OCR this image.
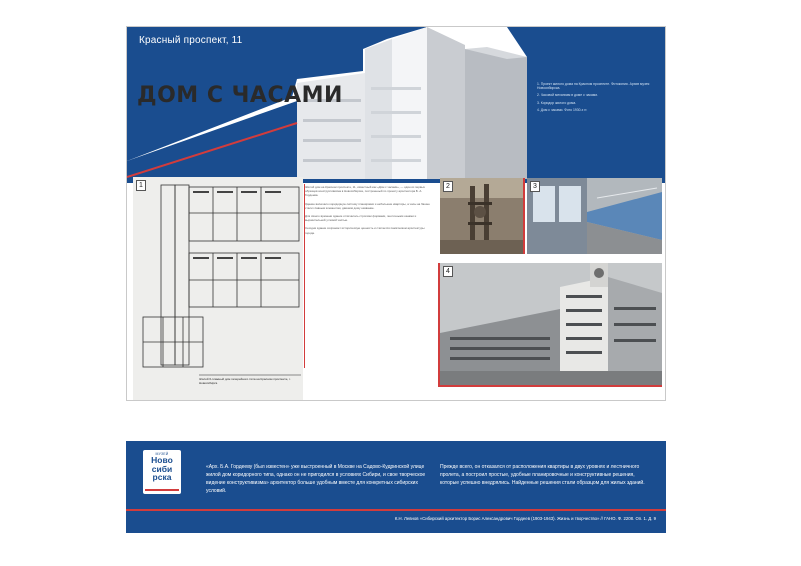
Красный проспект, 11
ДОМ С ЧАСАМИ	1. Проект жилого дома на Красном проспекте. Фотокопия. Архив музея Новосибирска.

2. Часовой механизм в доме с часами.

3. Коридор жилого дома.

4. Дом с часами. Фото 1930-х гг.

1
Жилой 6-этажный дом галерейного типа на Красном проспекте, г. Новосибирск.

Жилой дом на Красном проспекте, 11, известный как «Дом с часами», — один из первых образцов конструктивизма в Новосибирске, построенный по проекту архитектора Б. А. Гордеева.

Здание включало коридорную систему планировки и небольшие квартиры, а часы на башне стали главным элементом, давшим дому название.

Для своего времени здание отличалось строгими формами, ленточными окнами и выразительной угловой частью.

Сегодня здание сохраняет историческую ценность и считается памятником архитектуры города.

2	3
4
МУЗЕЙ
Ново
сиби
рска
«Арх. Б.А. Гордееву (был известен» уже выстроенный в Москве на Садово-Кудринской улице жилой дом коридорного типа, однако он не пригодился в условиях Сибири, и свое творческое видение конструктивизма» архитектор больше удобным вместе для конкретных сибирских условий.
Прежде всего, он отказался от расположения квартиры в двух уровнях и лестничного пролета, а построил простые, удобные планировочные и конструктивные решения, которые успешно внедрялись. Найденные решения стали образцом для жилых зданий.
К.Н. Левнов «Сибирский архитектор Борис Александрович Гордеев (1903-1943). Жизнь и творчество» // ГАНО. Ф. 2208. Оп. 1. Д. 9
